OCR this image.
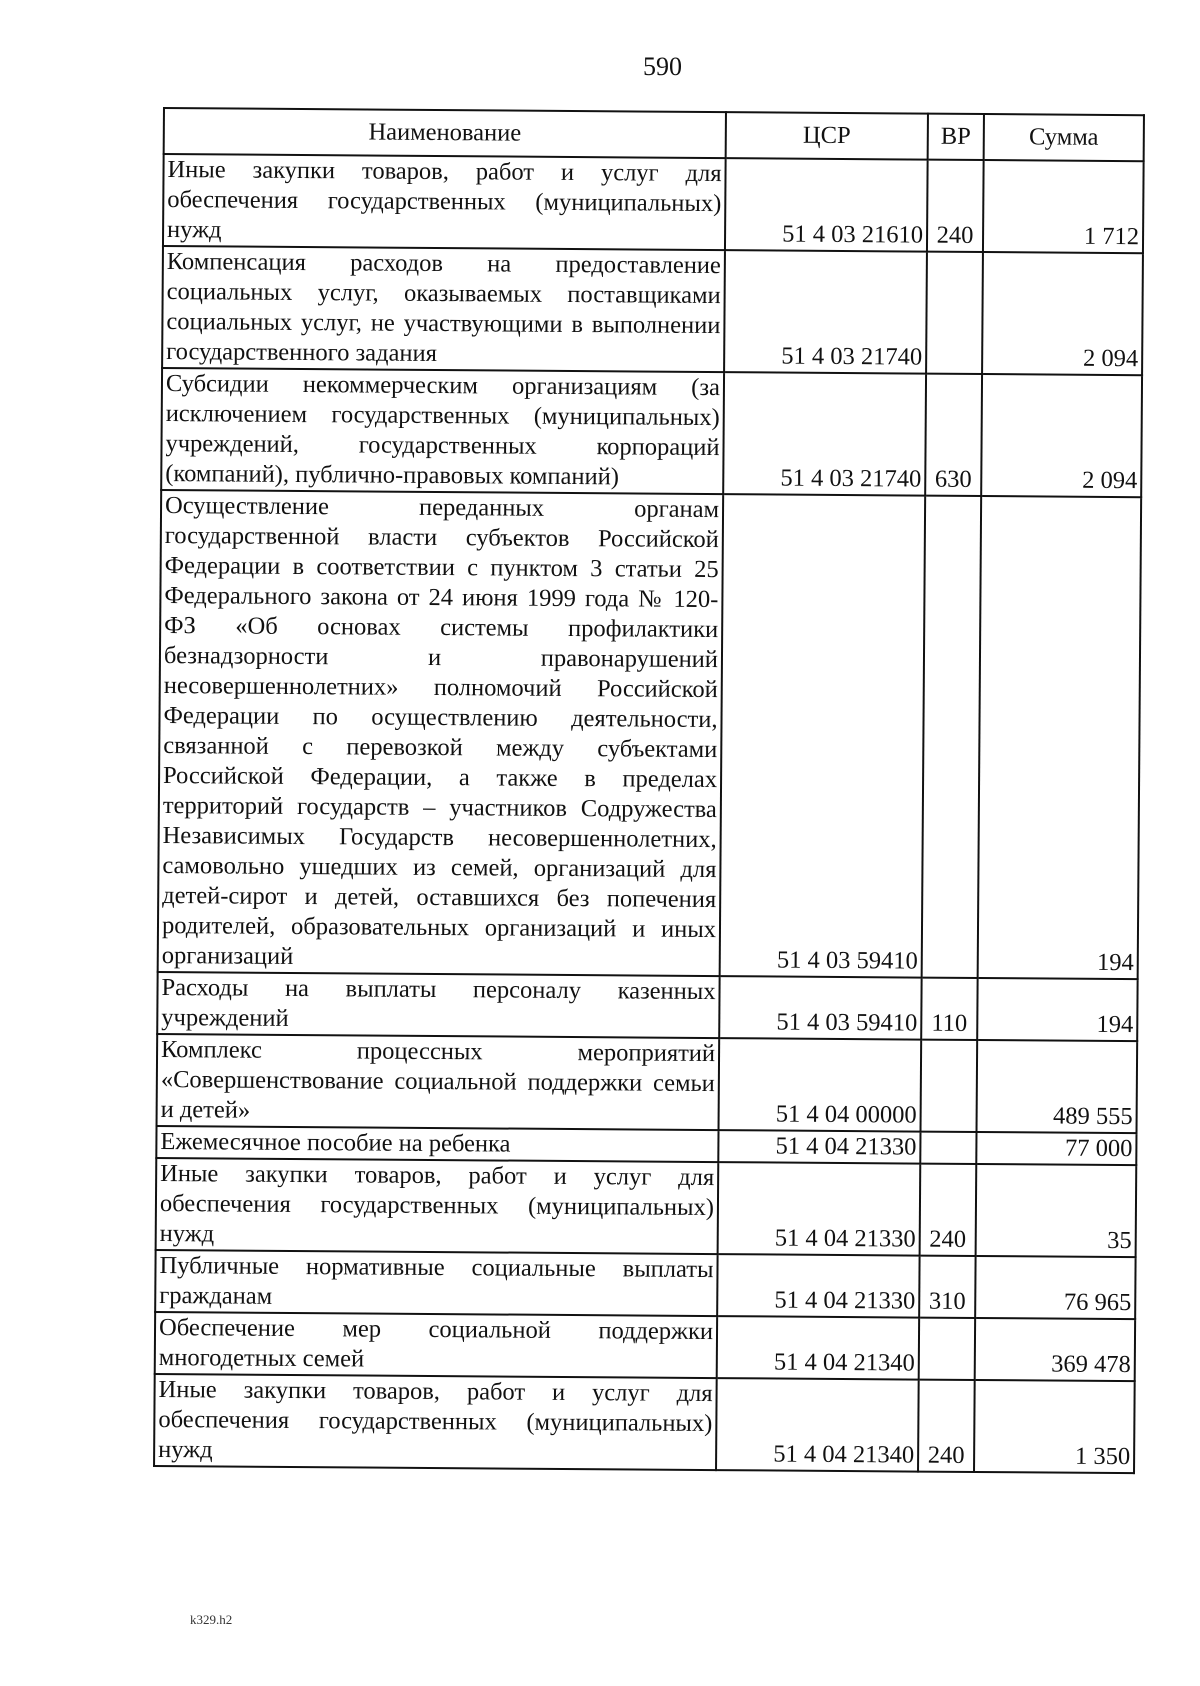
590
Наименование	ЦСР	ВР	Сумма
Иные закупки товаров, работ и услуг для обеспечения государственных (муниципальных) нужд	51 4 03 21610	240	1 712
Компенсация расходов на предоставление социальных услуг, оказываемых поставщиками социальных услуг, не участвующими в выполнении государственного задания	51 4 03 21740		2 094
Субсидии некоммерческим организациям (за исключением государственных (муниципальных) учреждений, государственных корпораций (компаний), публично-правовых компаний)	51 4 03 21740	630	2 094
Осуществление переданных органам государственной власти субъектов Российской Федерации в соответствии с пунктом 3 статьи 25 Федерального закона от 24 июня 1999 года № 120-ФЗ «Об основах системы профилактики безнадзорности и правонарушений несовершеннолетних» полномочий Российской Федерации по осуществлению деятельности, связанной с перевозкой между субъектами Российской Федерации, а также в пределах территорий государств – участников Содружества Независимых Государств несовершеннолетних, самовольно ушедших из семей, организаций для детей-сирот и детей, оставшихся без попечения родителей, образовательных организаций и иных организаций	51 4 03 59410		194
Расходы на выплаты персоналу казенных учреждений	51 4 03 59410	110	194
Комплекс процессных мероприятий «Совершенствование социальной поддержки семьи и детей»	51 4 04 00000		489 555
Ежемесячное пособие на ребенка	51 4 04 21330		77 000
Иные закупки товаров, работ и услуг для обеспечения государственных (муниципальных) нужд	51 4 04 21330	240	35
Публичные нормативные социальные выплаты гражданам	51 4 04 21330	310	76 965
Обеспечение мер социальной поддержки многодетных семей	51 4 04 21340		369 478
Иные закупки товаров, работ и услуг для обеспечения государственных (муниципальных) нужд	51 4 04 21340	240	1 350
k329.h2
